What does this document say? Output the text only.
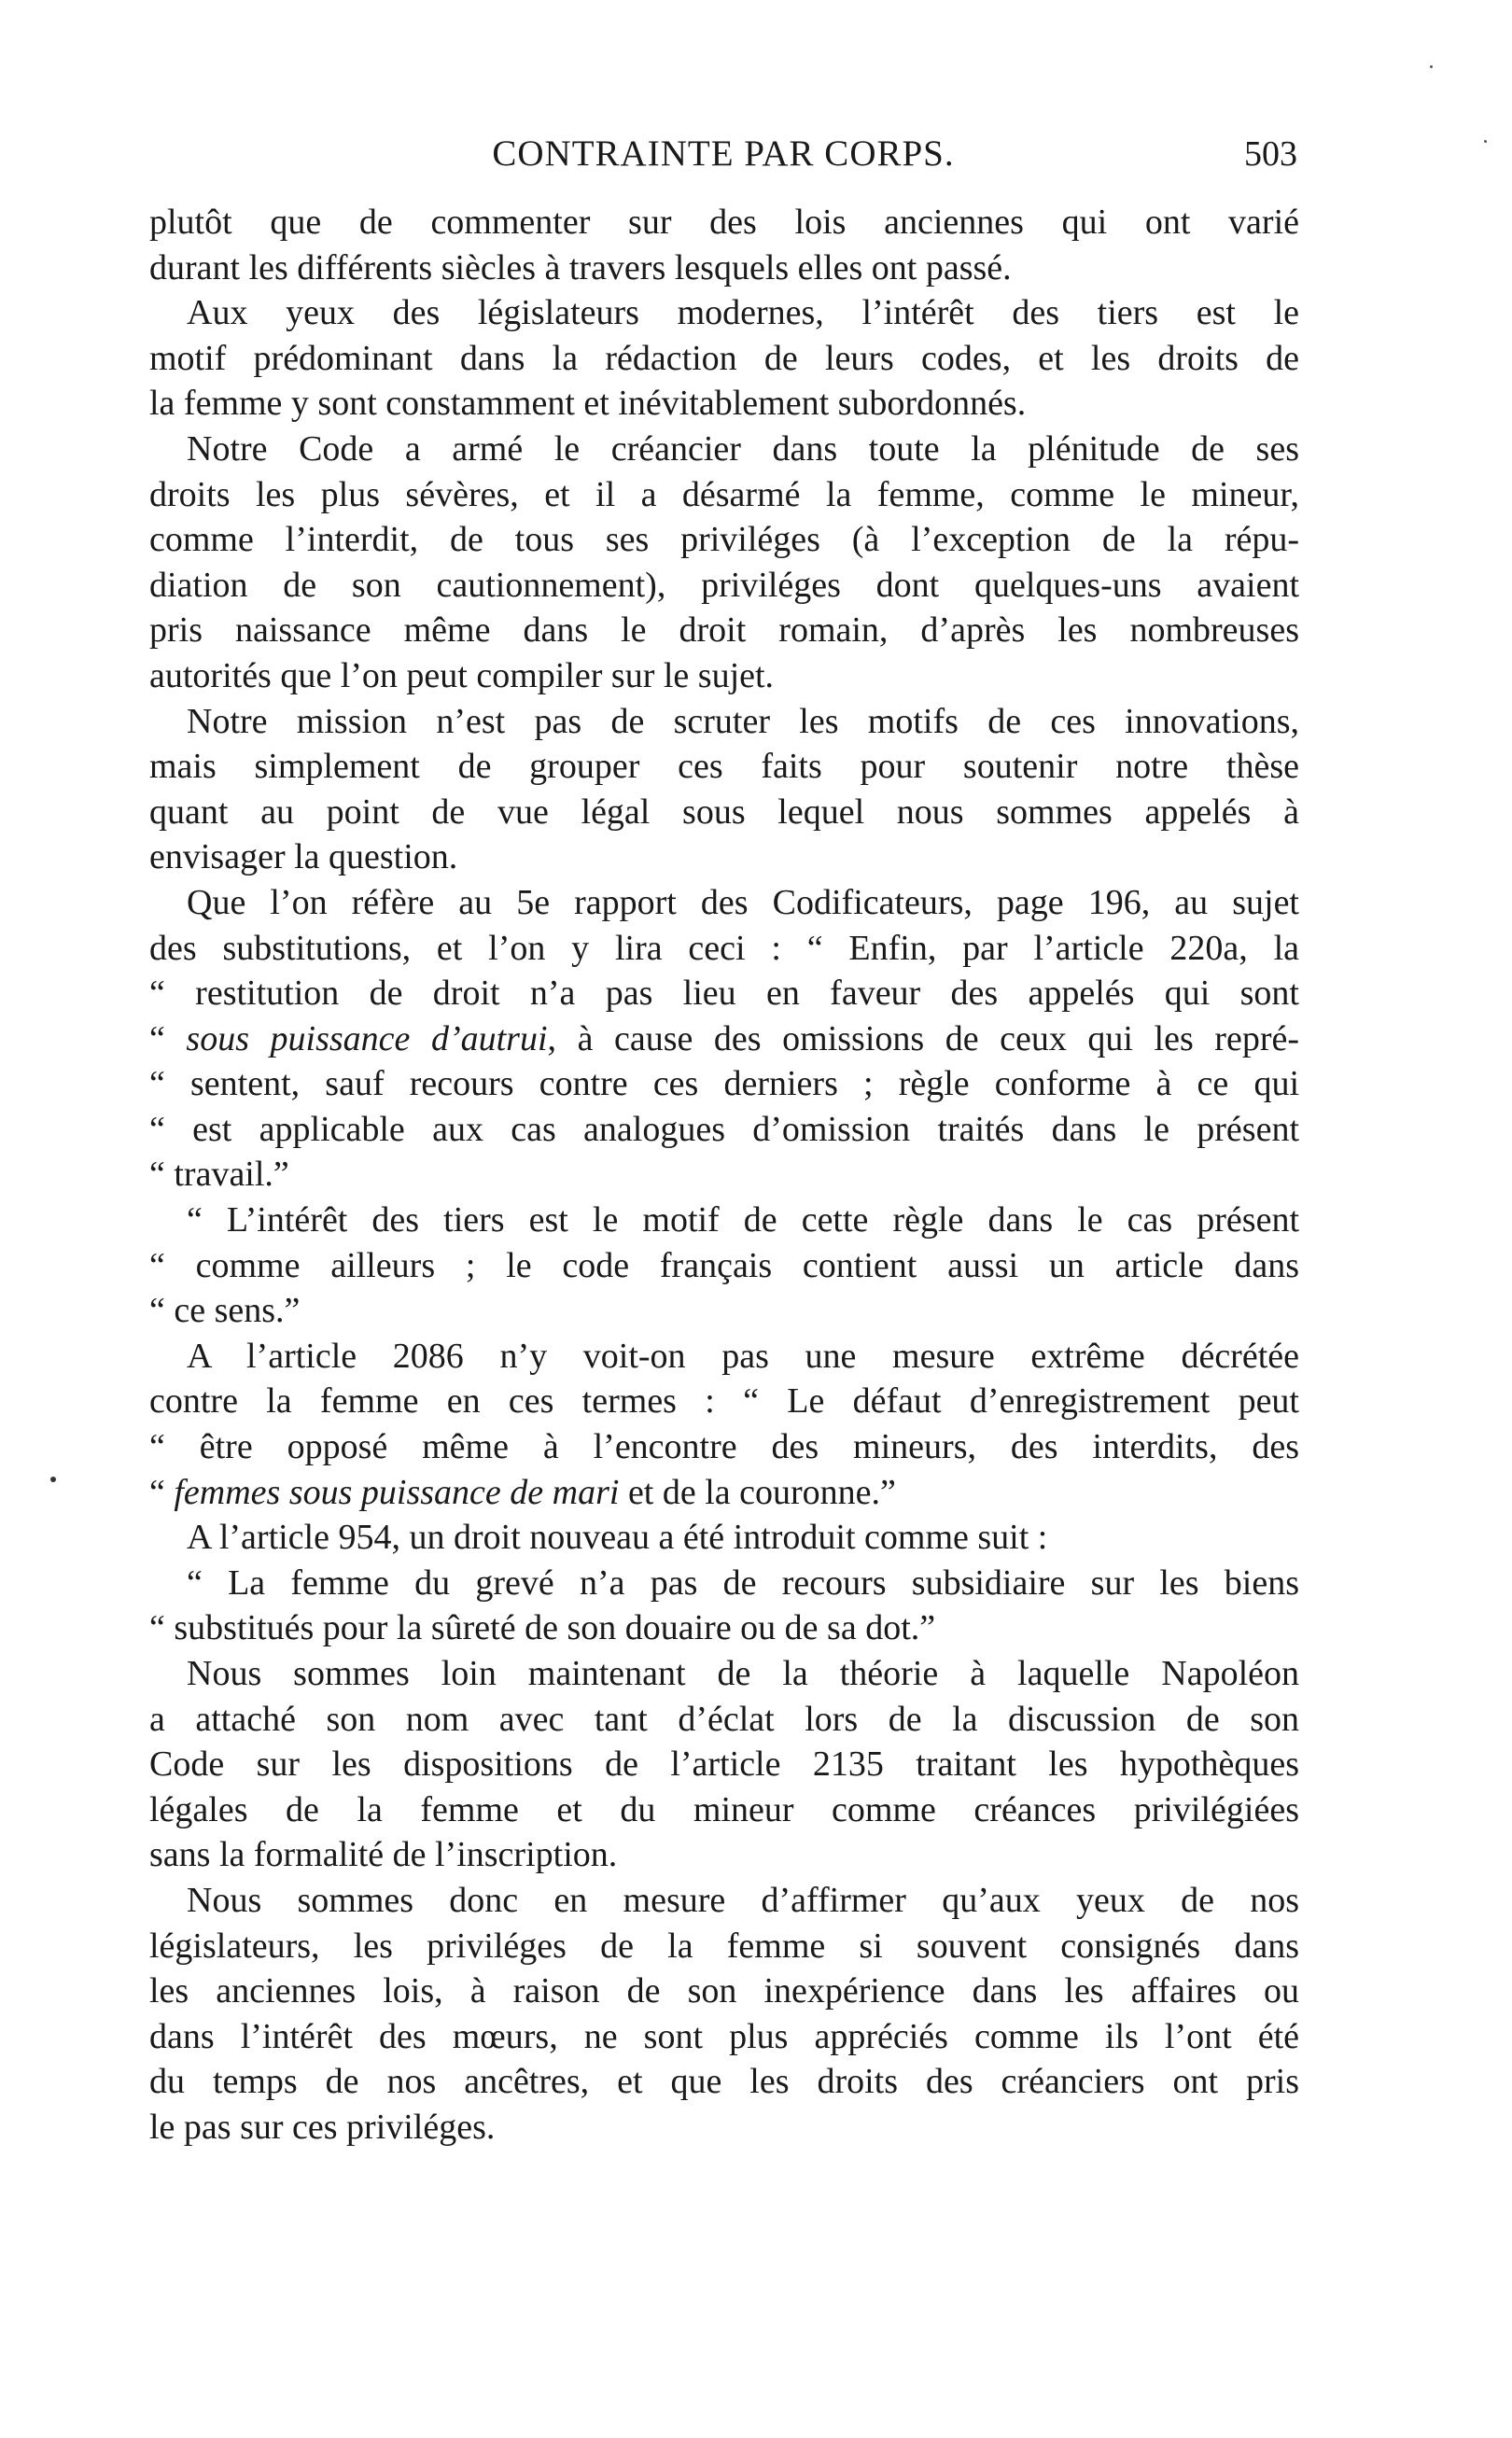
CONTRAINTE PAR CORPS.	503
plutôt que de commenter sur des lois anciennes qui ont varié
durant les différents siècles à travers lesquels elles ont passé.
Aux yeux des législateurs modernes, l’intérêt des tiers est le
motif prédominant dans la rédaction de leurs codes, et les droits de
la femme y sont constamment et inévitablement subordonnés.
Notre Code a armé le créancier dans toute la plénitude de ses
droits les plus sévères, et il a désarmé la femme, comme le mineur,
comme l’interdit, de tous ses priviléges (à l’exception de la répu-
diation de son cautionnement), priviléges dont quelques-uns avaient
pris naissance même dans le droit romain, d’après les nombreuses
autorités que l’on peut compiler sur le sujet.
Notre mission n’est pas de scruter les motifs de ces innovations,
mais simplement de grouper ces faits pour soutenir notre thèse
quant au point de vue légal sous lequel nous sommes appelés à
envisager la question.
Que l’on réfère au 5e rapport des Codificateurs, page 196, au sujet
des substitutions, et l’on y lira ceci : “ Enfin, par l’article 220a, la
“ restitution de droit n’a pas lieu en faveur des appelés qui sont
“ sous puissance d’autrui, à cause des omissions de ceux qui les repré-
“ sentent, sauf recours contre ces derniers ; règle conforme à ce qui
“ est applicable aux cas analogues d’omission traités dans le présent
“ travail.”
“ L’intérêt des tiers est le motif de cette règle dans le cas présent
“ comme ailleurs ; le code français contient aussi un article dans
“ ce sens.”
A l’article 2086 n’y voit-on pas une mesure extrême décrétée
contre la femme en ces termes : “ Le défaut d’enregistrement peut
“ être opposé même à l’encontre des mineurs, des interdits, des
“ femmes sous puissance de mari et de la couronne.”
A l’article 954, un droit nouveau a été introduit comme suit :
“ La femme du grevé n’a pas de recours subsidiaire sur les biens
“ substitués pour la sûreté de son douaire ou de sa dot.”
Nous sommes loin maintenant de la théorie à laquelle Napoléon
a attaché son nom avec tant d’éclat lors de la discussion de son
Code sur les dispositions de l’article 2135 traitant les hypothèques
légales de la femme et du mineur comme créances privilégiées
sans la formalité de l’inscription.
Nous sommes donc en mesure d’affirmer qu’aux yeux de nos
législateurs, les priviléges de la femme si souvent consignés dans
les anciennes lois, à raison de son inexpérience dans les affaires ou
dans l’intérêt des mœurs, ne sont plus appréciés comme ils l’ont été
du temps de nos ancêtres, et que les droits des créanciers ont pris
le pas sur ces priviléges.
